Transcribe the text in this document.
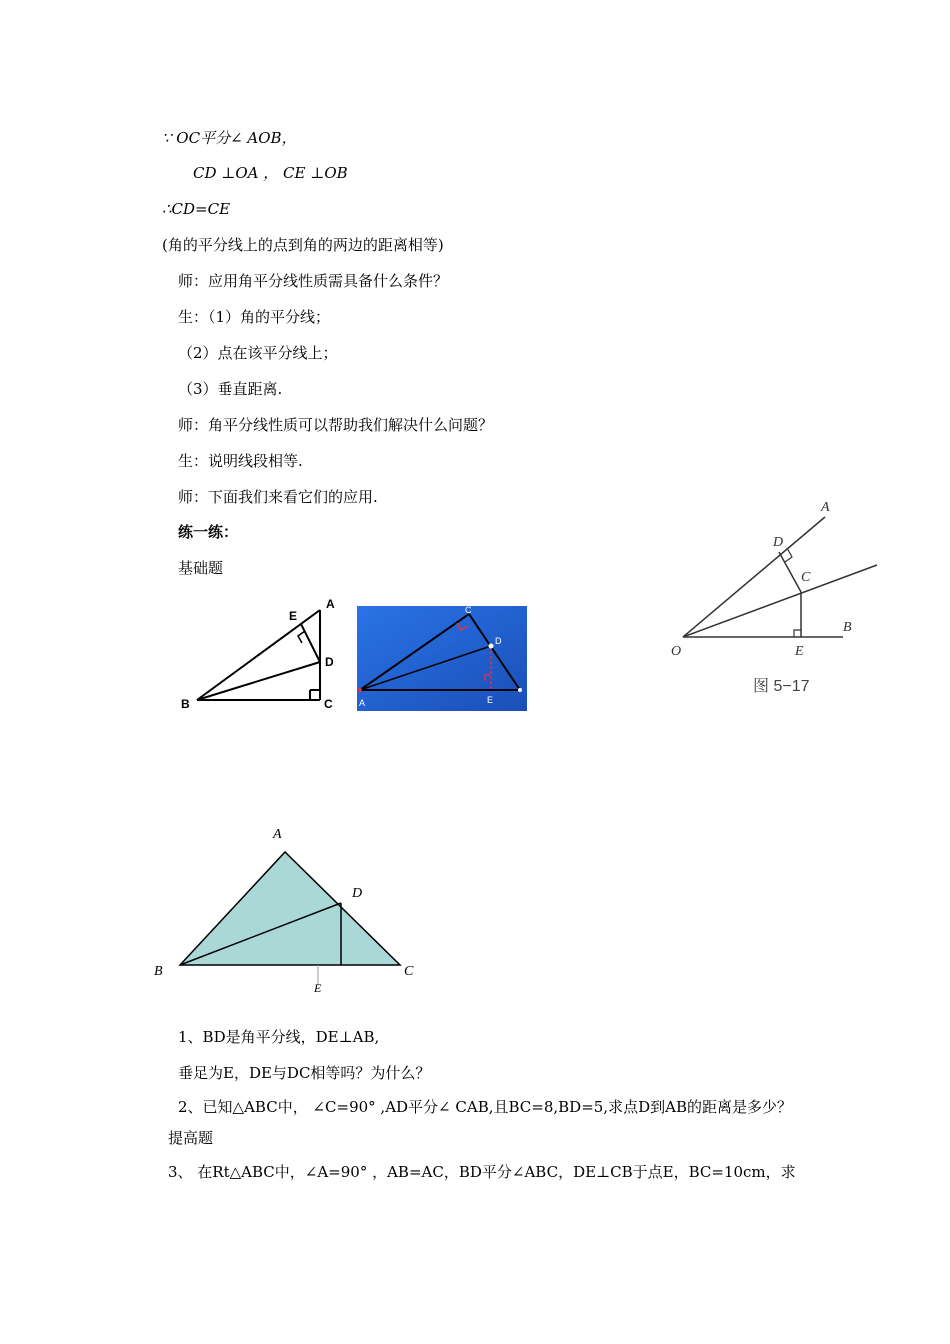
∵ OC平分∠ AOB，
CD ⊥OA ， CE ⊥OB
∴CD=CE
(角的平分线上的点到角的两边的距离相等)
师：应用角平分线性质需具备什么条件？
生：（1）角的平分线；
（2）点在该平分线上；
（3）垂直距离.
师：角平分线性质可以帮助我们解决什么问题？
生：说明线段相等.
师：下面我们来看它们的应用.
练一练：
基础题
B	C
A
D
E
A
C
D
E
O
A
B
C
D
E
图 5−17
A
B	C
D
E
1、BD是角平分线，DE⊥AB,
垂足为E，DE与DC相等吗？为什么？
2、已知△ABC中， ∠C=90° ,AD平分∠ CAB,且BC=8,BD=5,求点D到AB的距离是多少？
提高题
3、 在Rt△ABC中，∠A=90° ，AB=AC，BD平分∠ABC，DE⊥CB于点E，BC=10cm，求
